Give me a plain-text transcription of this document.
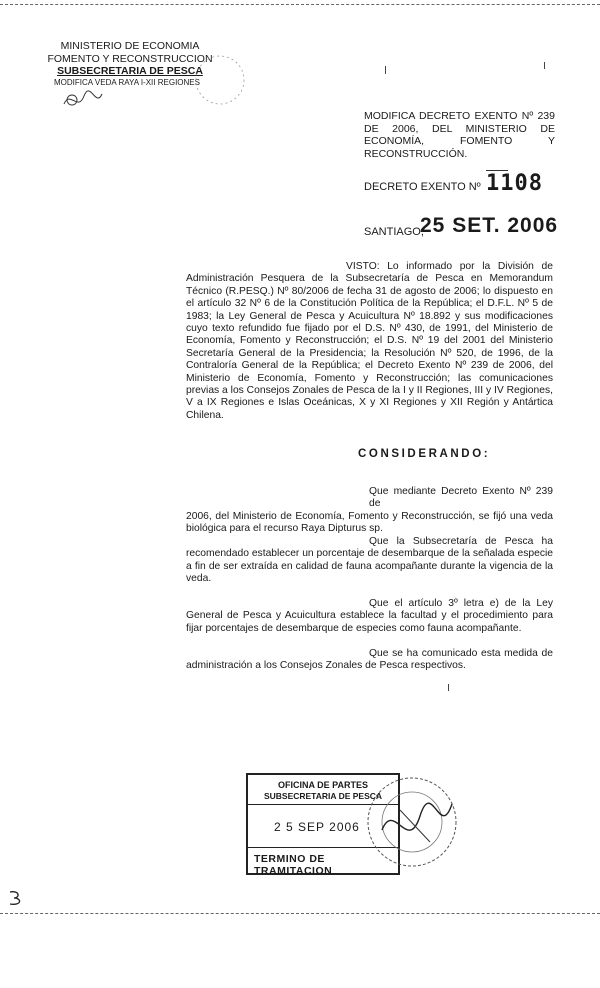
MINISTERIO DE ECONOMIA
FOMENTO Y RECONSTRUCCION
SUBSECRETARIA DE PESCA
MODIFICA VEDA RAYA I-XII REGIONES
MODIFICA DECRETO EXENTO Nº 239
DE 2006, DEL MINISTERIO DE
ECONOMÍA, FOMENTO Y
RECONSTRUCCIÓN.
DECRETO EXENTO Nº 1108
SANTIAGO,
25 SET. 2006
VISTO: Lo informado por la División de Administración Pesquera de la Subsecretaría de Pesca en Memorandum Técnico (R.PESQ.) Nº 80/2006 de fecha 31 de agosto de 2006; lo dispuesto en el artículo 32 Nº 6 de la Constitución Política de la República; el D.F.L. Nº 5 de 1983; la Ley General de Pesca y Acuicultura Nº 18.892 y sus modificaciones cuyo texto refundido fue fijado por el D.S. Nº 430, de 1991, del Ministerio de Economía, Fomento y Reconstrucción; el D.S. Nº 19 del 2001 del Ministerio Secretaría General de la Presidencia; la Resolución Nº 520, de 1996, de la Contraloría General de la República; el Decreto Exento Nº 239 de 2006, del Ministerio de Economía, Fomento y Reconstrucción; las comunicaciones previas a los Consejos Zonales de Pesca de la I y II Regiones, III y IV Regiones, V a IX Regiones e Islas Oceánicas, X y XI Regiones y XII Región y Antártica Chilena.
CONSIDERANDO:
Que mediante Decreto Exento Nº 239 de
2006, del Ministerio de Economía, Fomento y Reconstrucción, se fijó una veda biológica para el recurso Raya Dipturus sp.
Que la Subsecretaría de Pesca ha
recomendado establecer un porcentaje de desembarque de la señalada especie a fin de ser extraída en calidad de fauna acompañante durante la vigencia de la veda.
Que el artículo 3º letra e) de la Ley
General de Pesca y Acuicultura establece la facultad y el procedimiento para fijar porcentajes de desembarque de especies como fauna acompañante.
Que se ha comunicado esta medida de
administración a los Consejos Zonales de Pesca respectivos.
OFICINA DE PARTES
SUBSECRETARIA DE PESCA
2 5 SEP 2006
TERMINO DE TRAMITACION
